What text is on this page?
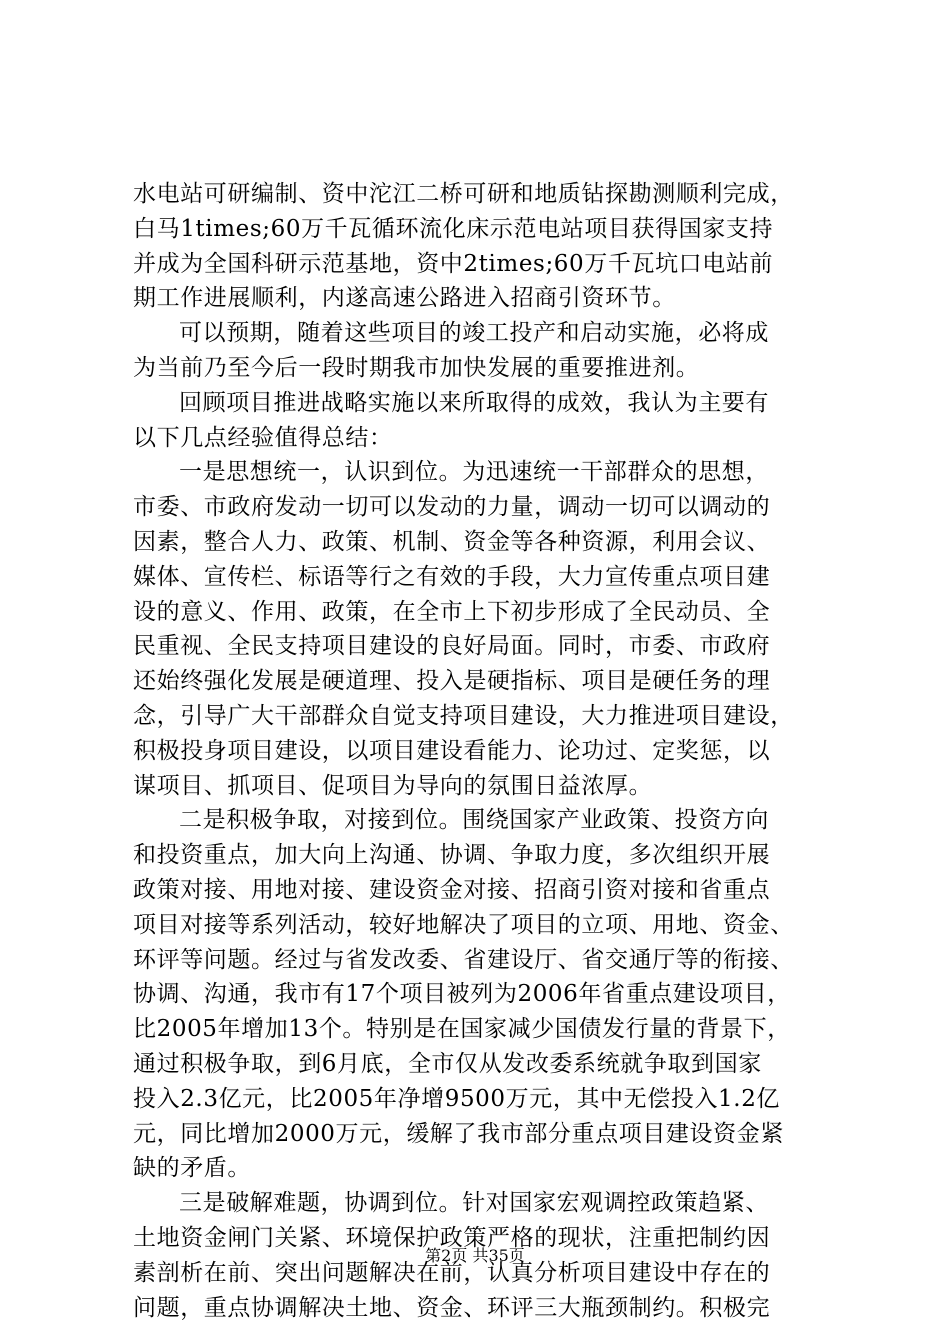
水电站可研编制、资中沱江二桥可研和地质钻探勘测顺利完成，
白马1times;60万千瓦循环流化床示范电站项目获得国家支持
并成为全国科研示范基地，资中2times;60万千瓦坑口电站前
期工作进展顺利，内遂高速公路进入招商引资环节。
可以预期，随着这些项目的竣工投产和启动实施，必将成
为当前乃至今后一段时期我市加快发展的重要推进剂。
回顾项目推进战略实施以来所取得的成效，我认为主要有
以下几点经验值得总结：
一是思想统一，认识到位。为迅速统一干部群众的思想，
市委、市政府发动一切可以发动的力量，调动一切可以调动的
因素，整合人力、政策、机制、资金等各种资源，利用会议、
媒体、宣传栏、标语等行之有效的手段，大力宣传重点项目建
设的意义、作用、政策，在全市上下初步形成了全民动员、全
民重视、全民支持项目建设的良好局面。同时，市委、市政府
还始终强化发展是硬道理、投入是硬指标、项目是硬任务的理
念，引导广大干部群众自觉支持项目建设，大力推进项目建设，
积极投身项目建设，以项目建设看能力、论功过、定奖惩，以
谋项目、抓项目、促项目为导向的氛围日益浓厚。
二是积极争取，对接到位。围绕国家产业政策、投资方向
和投资重点，加大向上沟通、协调、争取力度，多次组织开展
政策对接、用地对接、建设资金对接、招商引资对接和省重点
项目对接等系列活动，较好地解决了项目的立项、用地、资金、
环评等问题。经过与省发改委、省建设厅、省交通厅等的衔接、
协调、沟通，我市有17个项目被列为2006年省重点建设项目，
比2005年增加13个。特别是在国家减少国债发行量的背景下，
通过积极争取，到6月底，全市仅从发改委系统就争取到国家
投入2.3亿元，比2005年净增9500万元，其中无偿投入1.2亿
元，同比增加2000万元，缓解了我市部分重点项目建设资金紧
缺的矛盾。
三是破解难题，协调到位。针对国家宏观调控政策趋紧、
土地资金闸门关紧、环境保护政策严格的现状，注重把制约因
素剖析在前、突出问题解决在前，认真分析项目建设中存在的
问题，重点协调解决土地、资金、环评三大瓶颈制约。积极完
第2页 共35页
